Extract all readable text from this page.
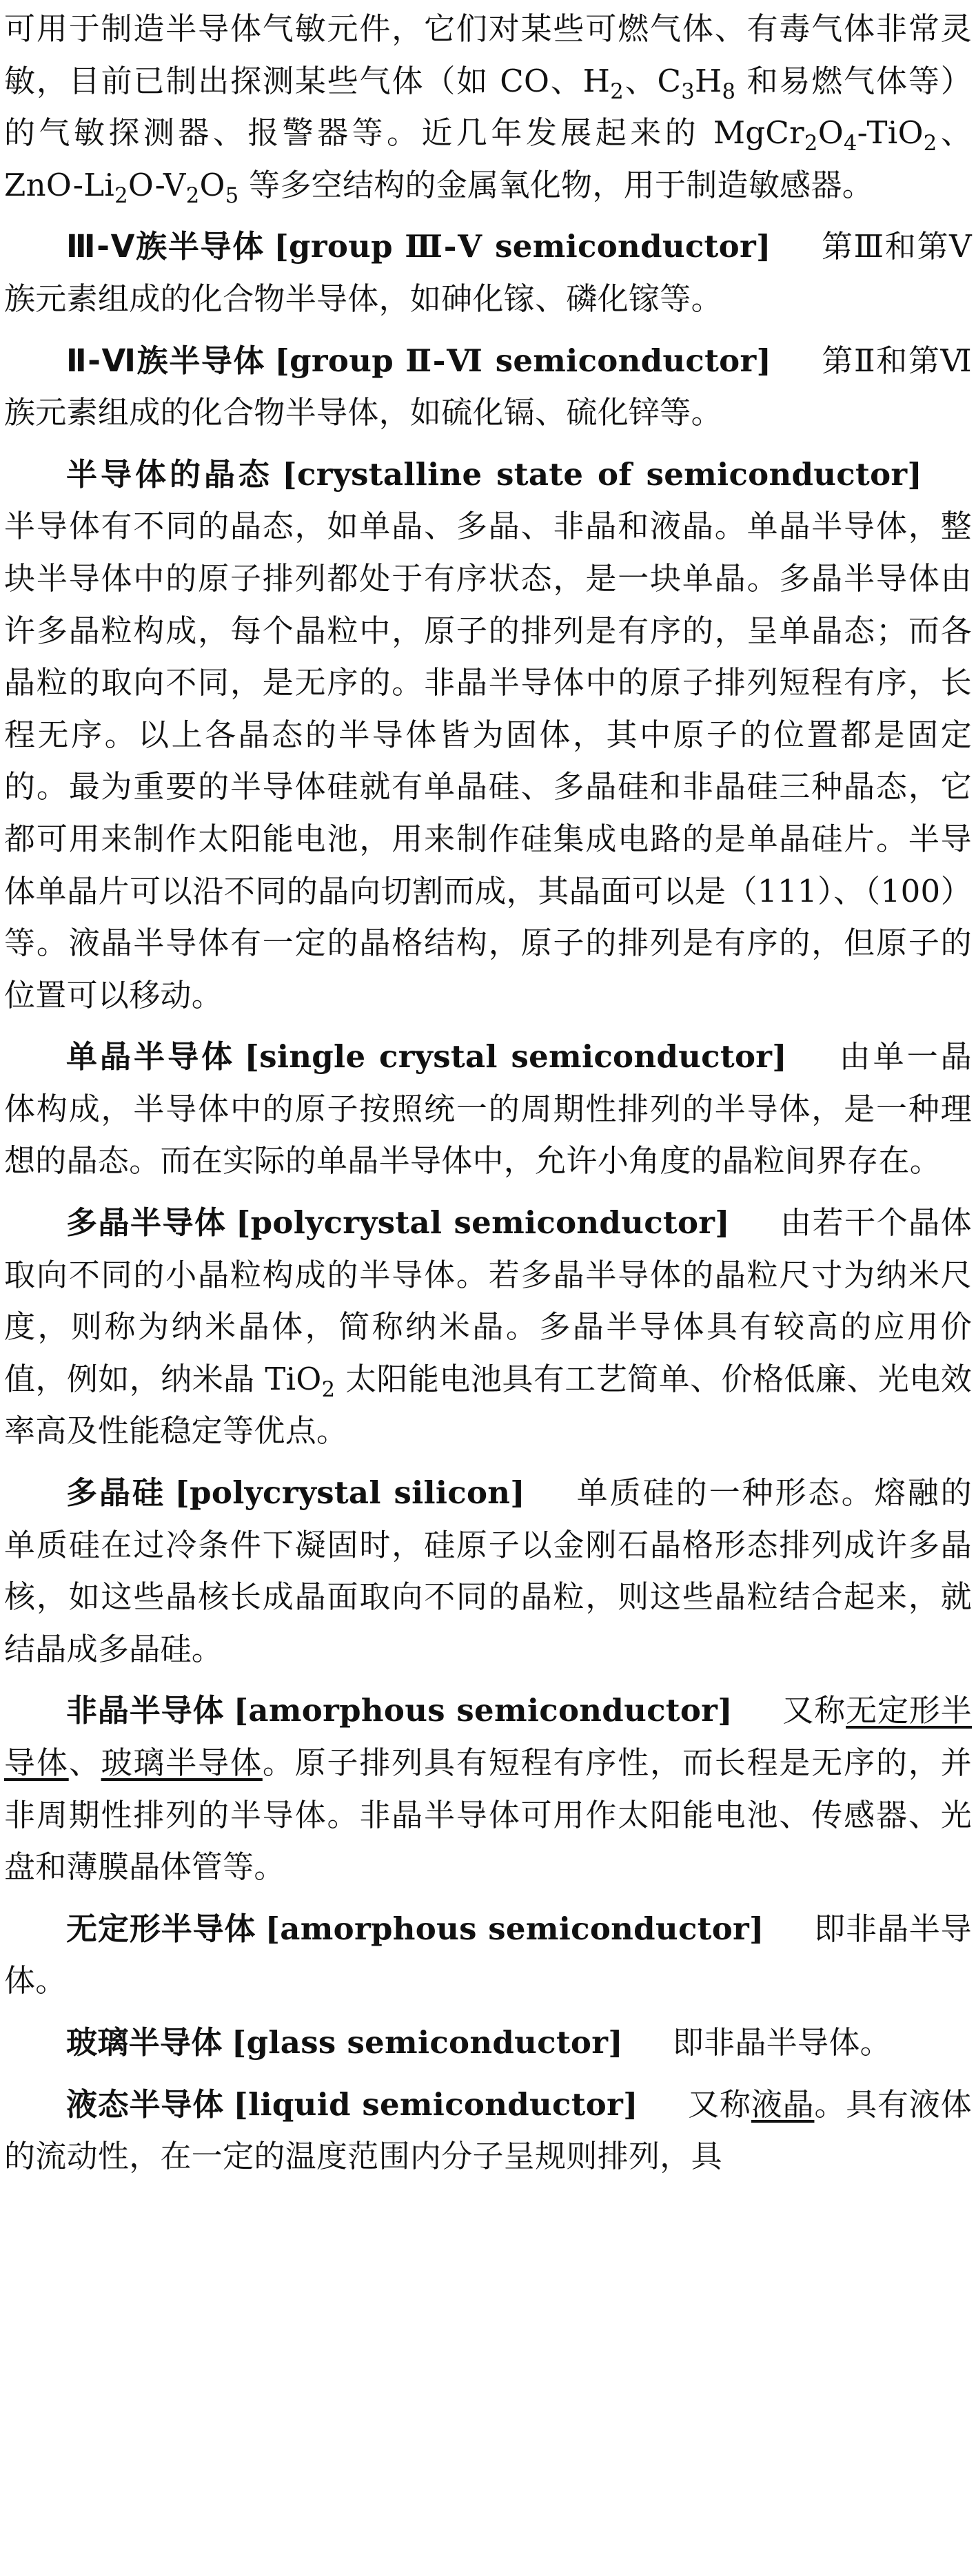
可用于制造半导体气敏元件，它们对某些可燃气体、有毒气体非常灵敏，目前已制出探测某些气体（如 CO、$H_2$、$C_3H_8$ 和易燃气体等）的气敏探测器、报警器等。近几年发展起来的 $MgCr_2O_4-TiO_2$、ZnO-$Li_2O-V_2O_5$ 等多空结构的金属氧化物，用于制造敏感器。

Ⅲ-Ⅴ族半导体 [group Ⅲ-Ⅴ semiconductor] 第Ⅲ和第Ⅴ族元素组成的化合物半导体，如砷化镓、磷化镓等。

Ⅱ-Ⅵ族半导体 [group Ⅱ-Ⅵ semiconductor] 第Ⅱ和第Ⅵ族元素组成的化合物半导体，如硫化镉、硫化锌等。

半导体的晶态 [crystalline state of semiconductor]半导体有不同的晶态，如单晶、多晶、非晶和液晶。单晶半导体，整块半导体中的原子排列都处于有序状态，是一块单晶。多晶半导体由许多晶粒构成，每个晶粒中，原子的排列是有序的，呈单晶态；而各晶粒的取向不同，是无序的。非晶半导体中的原子排列短程有序，长程无序。以上各晶态的半导体皆为固体，其中原子的位置都是固定的。最为重要的半导体硅就有单晶硅、多晶硅和非晶硅三种晶态，它都可用来制作太阳能电池，用来制作硅集成电路的是单晶硅片。半导体单晶片可以沿不同的晶向切割而成，其晶面可以是（111）、（100）等。液晶半导体有一定的晶格结构，原子的排列是有序的，但原子的位置可以移动。

单晶半导体 [single crystal semiconductor] 由单一晶体构成，半导体中的原子按照统一的周期性排列的半导体，是一种理想的晶态。而在实际的单晶半导体中，允许小角度的晶粒间界存在。

多晶半导体 [polycrystal semiconductor] 由若干个晶体取向不同的小晶粒构成的半导体。若多晶半导体的晶粒尺寸为纳米尺度，则称为纳米晶体，简称纳米晶。多晶半导体具有较高的应用价值，例如，纳米晶 TiO$_2$ 太阳能电池具有工艺简单、价格低廉、光电效率高及性能稳定等优点。

多晶硅 [polycrystal silicon] 单质硅的一种形态。熔融的单质硅在过冷条件下凝固时，硅原子以金刚石晶格形态排列成许多晶核，如这些晶核长成晶面取向不同的晶粒，则这些晶粒结合起来，就结晶成多晶硅。

非晶半导体 [amorphous semiconductor] 又称无定形半导体、玻璃半导体。原子排列具有短程有序性，而长程是无序的，并非周期性排列的半导体。非晶半导体可用作太阳能电池、传感器、光盘和薄膜晶体管等。

无定形半导体 [amorphous semiconductor] 即非晶半导体。

玻璃半导体 [glass semiconductor] 即非晶半导体。

液态半导体 [liquid semiconductor] 又称液晶。具有液体的流动性，在一定的温度范围内分子呈规则排列，具
